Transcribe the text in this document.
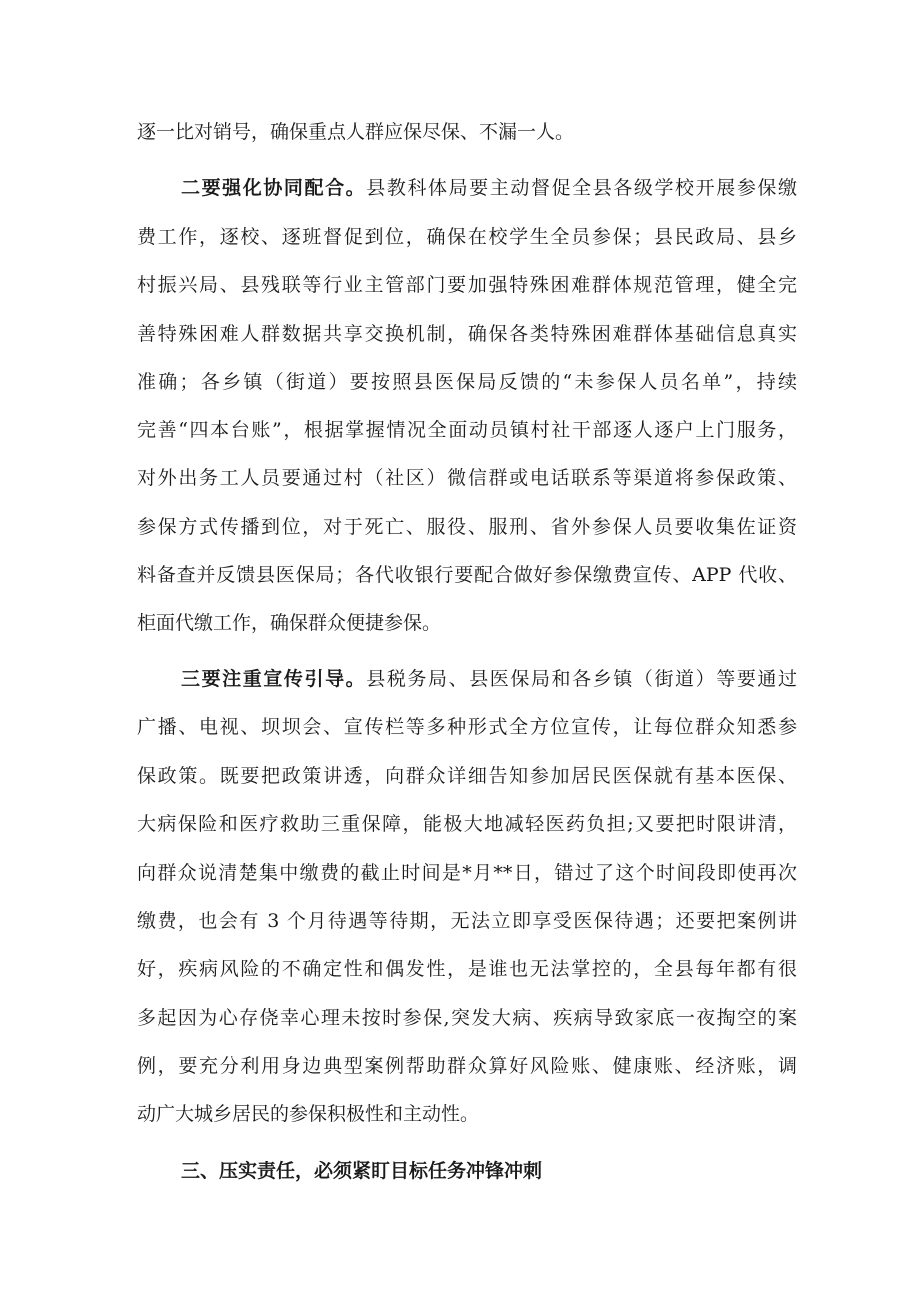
逐一比对销号，确保重点人群应保尽保、不漏一人。
二要强化协同配合。县教科体局要主动督促全县各级学校开展参保缴
费工作，逐校、逐班督促到位，确保在校学生全员参保；县民政局、县乡
村振兴局、县残联等行业主管部门要加强特殊困难群体规范管理，健全完
善特殊困难人群数据共享交换机制，确保各类特殊困难群体基础信息真实
准确；各乡镇（街道）要按照县医保局反馈的“未参保人员名单”，持续
完善“四本台账”，根据掌握情况全面动员镇村社干部逐人逐户上门服务，
对外出务工人员要通过村（社区）微信群或电话联系等渠道将参保政策、
参保方式传播到位，对于死亡、服役、服刑、省外参保人员要收集佐证资
料备查并反馈县医保局；各代收银行要配合做好参保缴费宣传、APP 代收、
柜面代缴工作，确保群众便捷参保。
三要注重宣传引导。县税务局、县医保局和各乡镇（街道）等要通过
广播、电视、坝坝会、宣传栏等多种形式全方位宣传，让每位群众知悉参
保政策。既要把政策讲透，向群众详细告知参加居民医保就有基本医保、
大病保险和医疗救助三重保障，能极大地减轻医药负担;又要把时限讲清，
向群众说清楚集中缴费的截止时间是*月**日，错过了这个时间段即使再次
缴费，也会有 3 个月待遇等待期，无法立即享受医保待遇；还要把案例讲
好，疾病风险的不确定性和偶发性，是谁也无法掌控的，全县每年都有很
多起因为心存侥幸心理未按时参保,突发大病、疾病导致家底一夜掏空的案
例，要充分利用身边典型案例帮助群众算好风险账、健康账、经济账，调
动广大城乡居民的参保积极性和主动性。
三、压实责任，必须紧盯目标任务冲锋冲刺
